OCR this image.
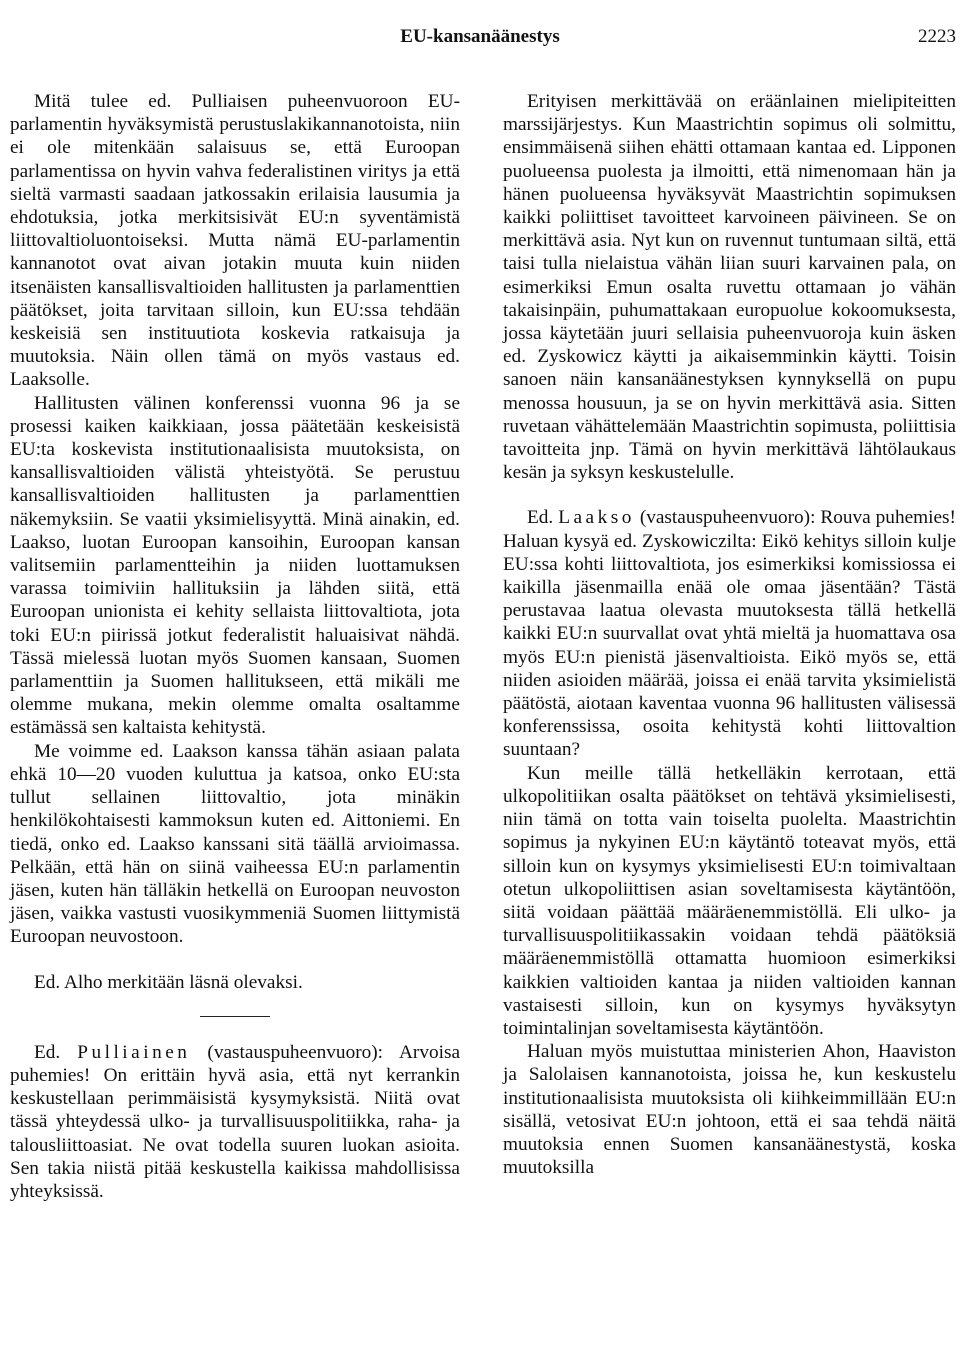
EU-kansanäänestys	2223

Mitä tulee ed. Pulliaisen puheenvuoroon EU-parlamentin hyväksymistä perustuslakikannanotoista, niin ei ole mitenkään salaisuus se, että Euroopan parlamentissa on hyvin vahva federalistinen viritys ja että sieltä varmasti saadaan jatkossakin erilaisia lausumia ja ehdotuksia, jotka merkitsisivät EU:n syventämistä liittovaltioluontoiseksi. Mutta nämä EU-parlamentin kannanotot ovat aivan jotakin muuta kuin niiden itsenäisten kansallisvaltioiden hallitusten ja parlamenttien päätökset, joita tarvitaan silloin, kun EU:ssa tehdään keskeisiä sen instituutiota koskevia ratkaisuja ja muutoksia. Näin ollen tämä on myös vastaus ed. Laaksolle.

Hallitusten välinen konferenssi vuonna 96 ja se prosessi kaiken kaikkiaan, jossa päätetään keskeisistä EU:ta koskevista institutionaalisista muutoksista, on kansallisvaltioiden välistä yhteistyötä. Se perustuu kansallisvaltioiden hallitusten ja parlamenttien näkemyksiin. Se vaatii yksimielisyyttä. Minä ainakin, ed. Laakso, luotan Euroopan kansoihin, Euroopan kansan valitsemiin parlamentteihin ja niiden luottamuksen varassa toimiviin hallituksiin ja lähden siitä, että Euroopan unionista ei kehity sellaista liittovaltiota, jota toki EU:n piirissä jotkut federalistit haluaisivat nähdä. Tässä mielessä luotan myös Suomen kansaan, Suomen parlamenttiin ja Suomen hallitukseen, että mikäli me olemme mukana, mekin olemme omalta osaltamme estämässä sen kaltaista kehitystä.

Me voimme ed. Laakson kanssa tähän asiaan palata ehkä 10—20 vuoden kuluttua ja katsoa, onko EU:sta tullut sellainen liittovaltio, jota minäkin henkilökohtaisesti kammoksun kuten ed. Aittoniemi. En tiedä, onko ed. Laakso kanssani sitä täällä arvioimassa. Pelkään, että hän on siinä vaiheessa EU:n parlamentin jäsen, kuten hän tälläkin hetkellä on Euroopan neuvoston jäsen, vaikka vastusti vuosikymmeniä Suomen liittymistä Euroopan neuvostoon.

Ed. Alho merkitään läsnä olevaksi.

Ed. Pulliainen (vastauspuheenvuoro): Arvoisa puhemies! On erittäin hyvä asia, että nyt kerrankin keskustellaan perimmäisistä kysymyksistä. Niitä ovat tässä yhteydessä ulko- ja turvallisuuspolitiikka, raha- ja talousliittoasiat. Ne ovat todella suuren luokan asioita. Sen takia niistä pitää keskustella kaikissa mahdollisissa yhteyksissä.

Erityisen merkittävää on eräänlainen mielipiteitten marssijärjestys. Kun Maastrichtin sopimus oli solmittu, ensimmäisenä siihen ehätti ottamaan kantaa ed. Lipponen puolueensa puolesta ja ilmoitti, että nimenomaan hän ja hänen puolueensa hyväksyvät Maastrichtin sopimuksen kaikki poliittiset tavoitteet karvoineen päivineen. Se on merkittävä asia. Nyt kun on ruvennut tuntumaan siltä, että taisi tulla nielaistua vähän liian suuri karvainen pala, on esimerkiksi Emun osalta ruvettu ottamaan jo vähän takaisinpäin, puhumattakaan europuolue kokoomuksesta, jossa käytetään juuri sellaisia puheenvuoroja kuin äsken ed. Zyskowicz käytti ja aikaisemminkin käytti. Toisin sanoen näin kansanäänestyksen kynnyksellä on pupu menossa housuun, ja se on hyvin merkittävä asia. Sitten ruvetaan vähättelemään Maastrichtin sopimusta, poliittisia tavoitteita jnp. Tämä on hyvin merkittävä lähtölaukaus kesän ja syksyn keskustelulle.

Ed. Laakso (vastauspuheenvuoro): Rouva puhemies! Haluan kysyä ed. Zyskowiczilta: Eikö kehitys silloin kulje EU:ssa kohti liittovaltiota, jos esimerkiksi komissiossa ei kaikilla jäsenmailla enää ole omaa jäsentään? Tästä perustavaa laatua olevasta muutoksesta tällä hetkellä kaikki EU:n suurvallat ovat yhtä mieltä ja huomattava osa myös EU:n pienistä jäsenvaltioista. Eikö myös se, että niiden asioiden määrää, joissa ei enää tarvita yksimielistä päätöstä, aiotaan kaventaa vuonna 96 hallitusten välisessä konferenssissa, osoita kehitystä kohti liittovaltion suuntaan?

Kun meille tällä hetkelläkin kerrotaan, että ulkopolitiikan osalta päätökset on tehtävä yksimielisesti, niin tämä on totta vain toiselta puolelta. Maastrichtin sopimus ja nykyinen EU:n käytäntö toteavat myös, että silloin kun on kysymys yksimielisesti EU:n toimivaltaan otetun ulkopoliittisen asian soveltamisesta käytäntöön, siitä voidaan päättää määräenemmistöllä. Eli ulko- ja turvallisuuspolitiikassakin voidaan tehdä päätöksiä määräenemmistöllä ottamatta huomioon esimerkiksi kaikkien valtioiden kantaa ja niiden valtioiden kannan vastaisesti silloin, kun on kysymys hyväksytyn toimintalinjan soveltamisesta käytäntöön.

Haluan myös muistuttaa ministerien Ahon, Haaviston ja Salolaisen kannanotoista, joissa he, kun keskustelu institutionaalisista muutoksista oli kiihkeimmillään EU:n sisällä, vetosivat EU:n johtoon, että ei saa tehdä näitä muutoksia ennen Suomen kansanäänestystä, koska muutoksilla
